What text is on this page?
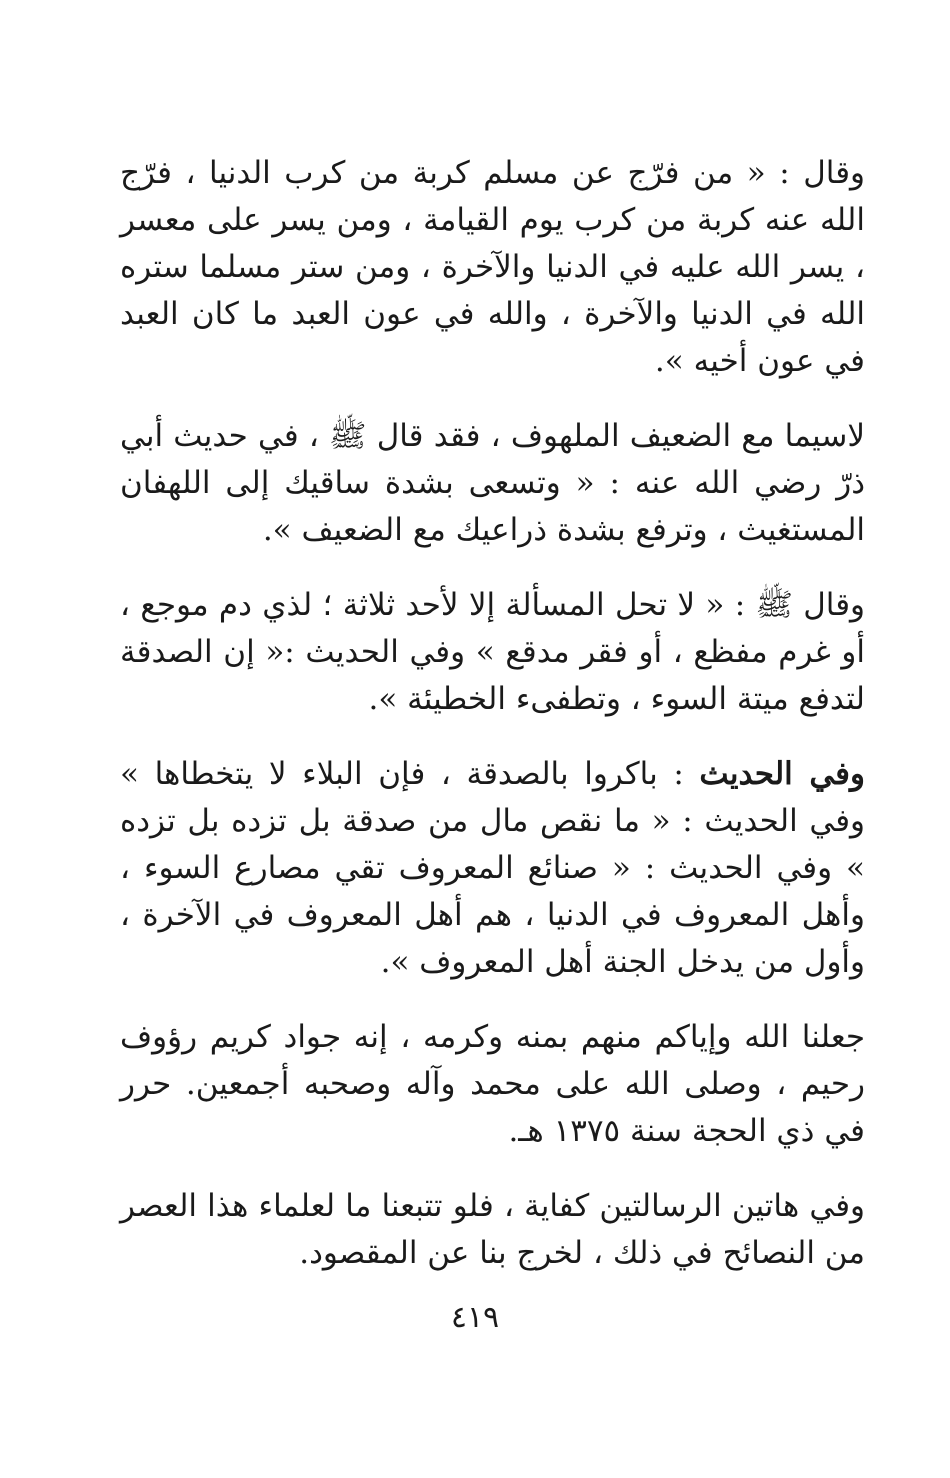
وقال : « من فرّج عن مسلم كربة من كرب الدنيا ، فرّج الله عنه كربة من كرب يوم القيامة ، ومن يسر على معسر ، يسر الله عليه في الدنيا والآخرة ، ومن ستر مسلما ستره الله في الدنيا والآخرة ، والله في عون العبد ما كان العبد في عون أخيه ».

لاسيما مع الضعيف الملهوف ، فقد قال ﷺ ، في حديث أبي ذرّ رضي الله عنه : « وتسعى بشدة ساقيك إلى اللهفان المستغيث ، وترفع بشدة ذراعيك مع الضعيف ».

وقال ﷺ : « لا تحل المسألة إلا لأحد ثلاثة ؛ لذي دم موجع ، أو غرم مفظع ، أو فقر مدقع » وفي الحديث :« إن الصدقة لتدفع ميتة السوء ، وتطفىء الخطيئة ».

وفي الحديث : باكروا بالصدقة ، فإن البلاء لا يتخطاها » وفي الحديث : « ما نقص مال من صدقة بل تزده بل تزده » وفي الحديث : « صنائع المعروف تقي مصارع السوء ، وأهل المعروف في الدنيا ، هم أهل المعروف في الآخرة ، وأول من يدخل الجنة أهل المعروف ».

جعلنا الله وإياكم منهم بمنه وكرمه ، إنه جواد كريم رؤوف رحيم ، وصلى الله على محمد وآله وصحبه أجمعين. حرر في ذي الحجة سنة ١٣٧٥ هـ.

وفي هاتين الرسالتين كفاية ، فلو تتبعنا ما لعلماء هذا العصر من النصائح في ذلك ، لخرج بنا عن المقصود.

٤١٩
